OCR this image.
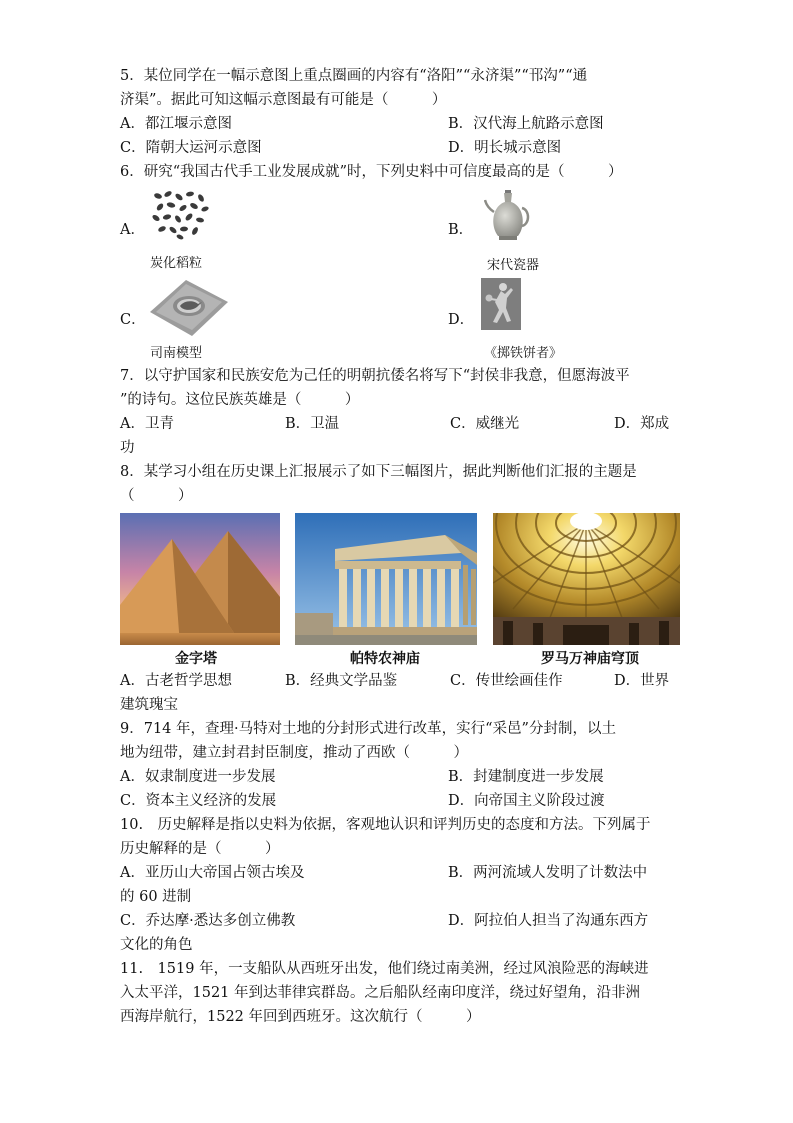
5．某位同学在一幅示意图上重点圈画的内容有“洛阳”“永济渠”“邗沟”“通
济渠”。据此可知这幅示意图最有可能是（　　　）
A．都江堰示意图	B．汉代海上航路示意图
C．隋朝大运河示意图	D．明长城示意图
6．研究“我国古代手工业发展成就”时，下列史料中可信度最高的是（　　　）
A．
炭化稻粒
B．
宋代瓷器
C．
司南模型
D．
《掷铁饼者》
7．以守护国家和民族安危为己任的明朝抗倭名将写下“封侯非我意，但愿海波平
”的诗句。这位民族英雄是（　　　）
A．卫青	B．卫温	C．威继光	D．郑成
功
8．某学习小组在历史课上汇报展示了如下三幅图片，据此判断他们汇报的主题是
（　　　）
金字塔	帕特农神庙	罗马万神庙穹顶
A．古老哲学思想	B．经典文学品鉴	C．传世绘画佳作	D．世界
建筑瑰宝
9．714 年，查理·马特对土地的分封形式进行改革，实行“采邑”分封制，以土
地为纽带，建立封君封臣制度，推动了西欧（　　　）
A．奴隶制度进一步发展	B．封建制度进一步发展
C．资本主义经济的发展	D．向帝国主义阶段过渡
10.　历史解释是指以史料为依据，客观地认识和评判历史的态度和方法。下列属于
历史解释的是（　　　）
A．亚历山大帝国占领古埃及	B．两河流域人发明了计数法中
的 60 进制
C．乔达摩·悉达多创立佛教	D．阿拉伯人担当了沟通东西方
文化的角色
11.　1519 年，一支船队从西班牙出发，他们绕过南美洲，经过风浪险恶的海峡进
入太平洋，1521 年到达菲律宾群岛。之后船队经南印度洋，绕过好望角，沿非洲
西海岸航行，1522 年回到西班牙。这次航行（　　　）
